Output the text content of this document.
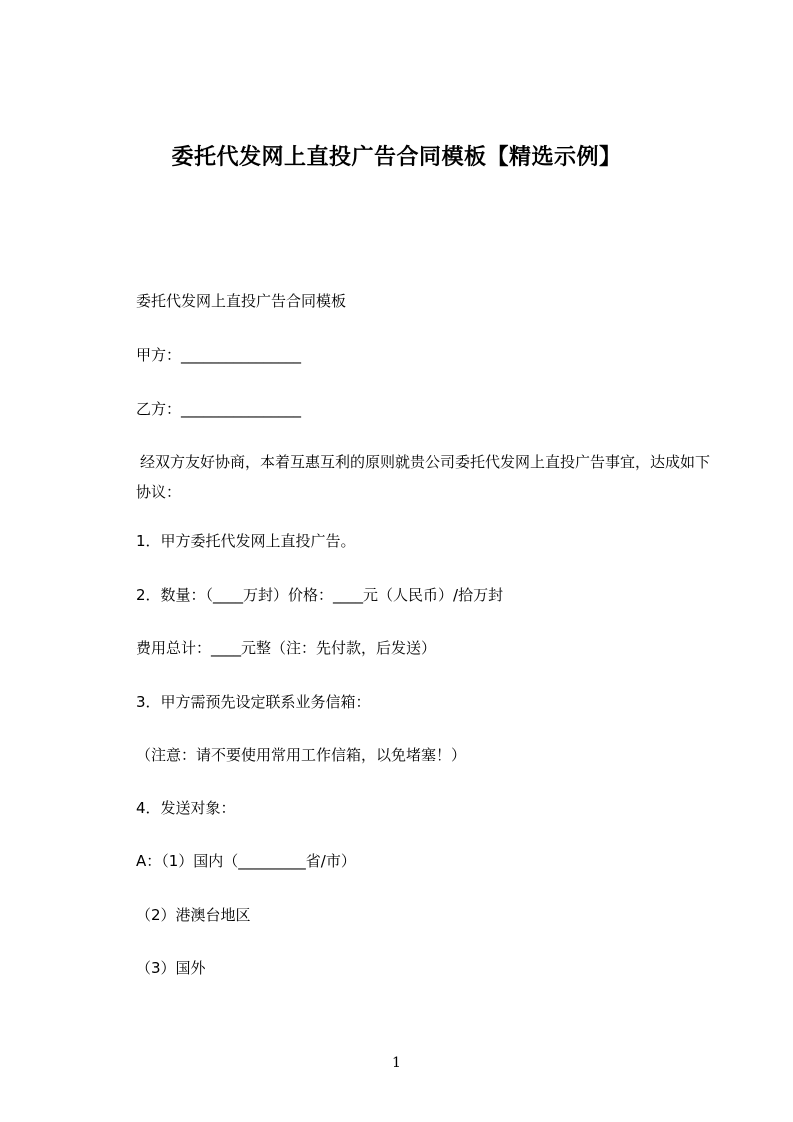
委托代发网上直投广告合同模板【精选示例】
委托代发网上直投广告合同模板
甲方：________________
乙方：________________
经双方友好协商，本着互惠互利的原则就贵公司委托代发网上直投广告事宜，达成如下协议：
1．甲方委托代发网上直投广告。
2．数量：（____万封）价格：____元（人民币）/拾万封
费用总计：____元整（注：先付款，后发送）
3．甲方需预先设定联系业务信箱：
（注意：请不要使用常用工作信箱，以免堵塞！）
4．发送对象：
A：（1）国内（_________省/市）
（2）港澳台地区
（3）国外
1
